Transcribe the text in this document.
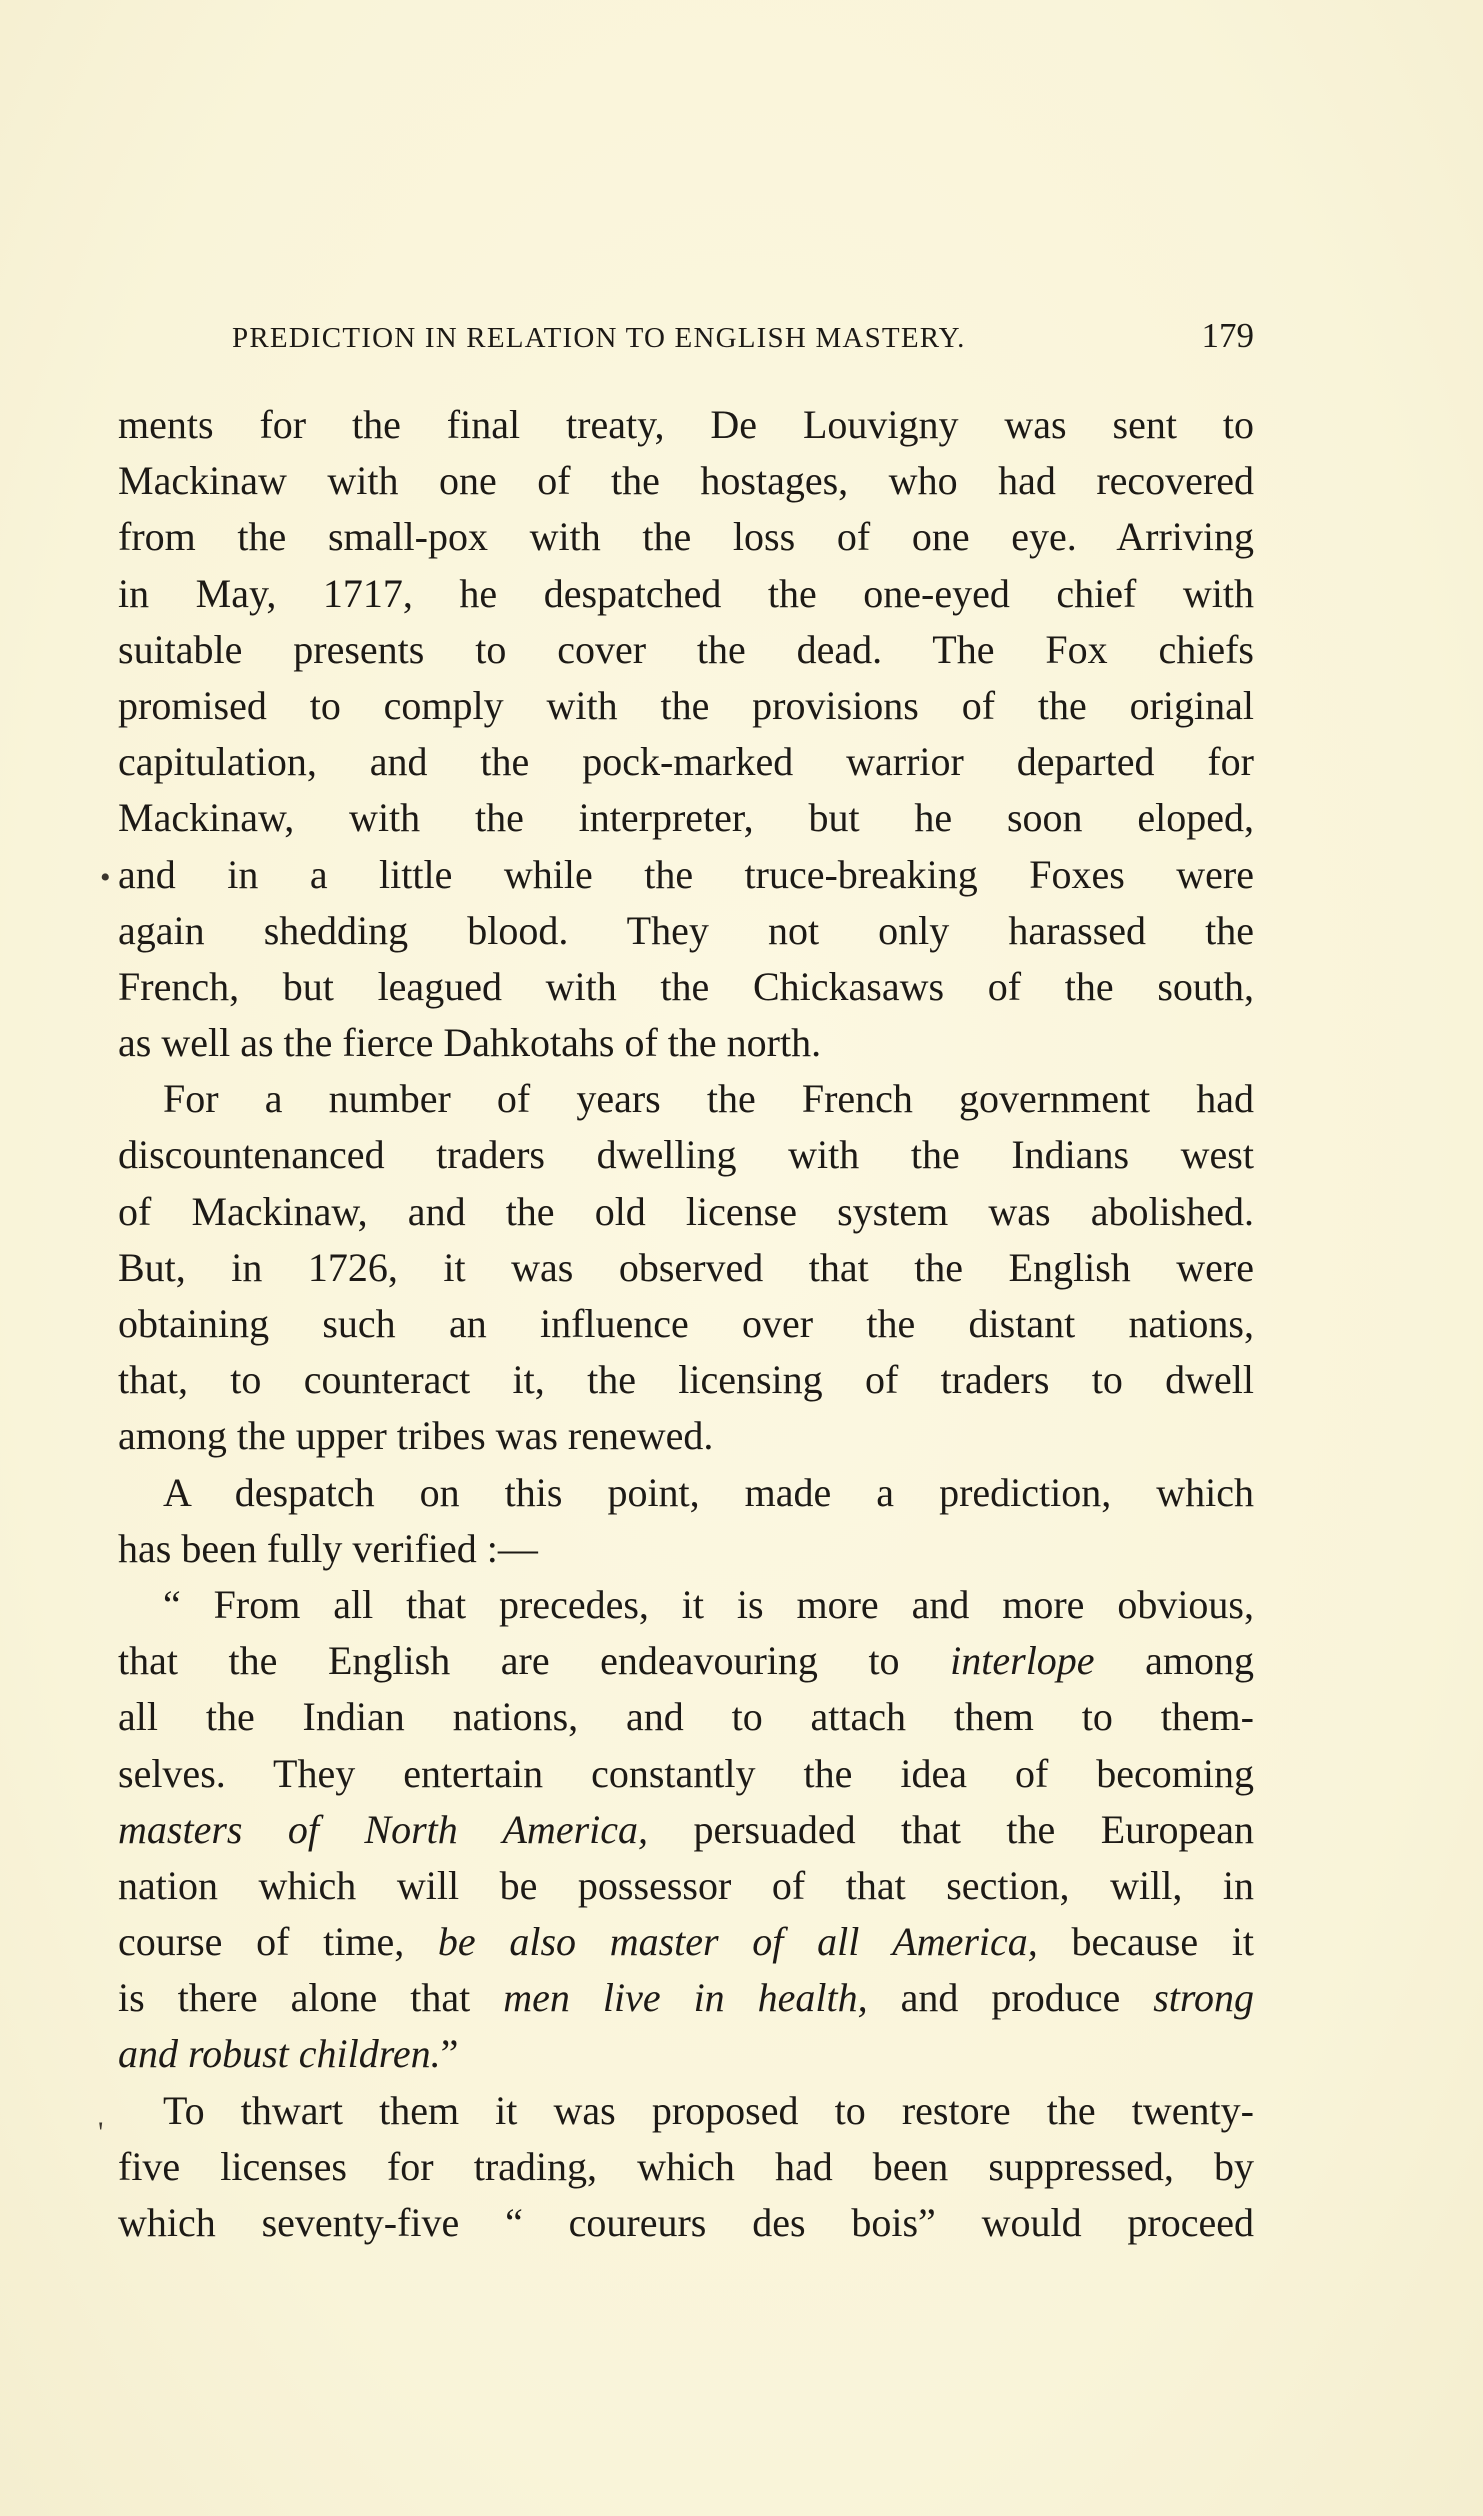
PREDICTION IN RELATION TO ENGLISH MASTERY.	179
ments for the final treaty, De Louvigny was sent to
Mackinaw with one of the hostages, who had recovered
from the small-pox with the loss of one eye. Arriving
in May, 1717, he despatched the one-eyed chief with
suitable presents to cover the dead. The Fox chiefs
promised to comply with the provisions of the original
capitulation, and the pock-marked warrior departed for
Mackinaw, with the interpreter, but he soon eloped,
and in a little while the truce-breaking Foxes were
again shedding blood. They not only harassed the
French, but leagued with the Chickasaws of the south,
as well as the fierce Dahkotahs of the north.
For a number of years the French government had
discountenanced traders dwelling with the Indians west
of Mackinaw, and the old license system was abolished.
But, in 1726, it was observed that the English were
obtaining such an influence over the distant nations,
that, to counteract it, the licensing of traders to dwell
among the upper tribes was renewed.
A despatch on this point, made a prediction, which
has been fully verified :—
“ From all that precedes, it is more and more obvious,
that the English are endeavouring to interlope among
all the Indian nations, and to attach them to them-
selves. They entertain constantly the idea of becoming
masters of North America, persuaded that the European
nation which will be possessor of that section, will, in
course of time, be also master of all America, because it
is there alone that men live in health, and produce strong
and robust children.”
To thwart them it was proposed to restore the twenty-
five licenses for trading, which had been suppressed, by
which seventy-five “ coureurs des bois” would proceed
•
'
